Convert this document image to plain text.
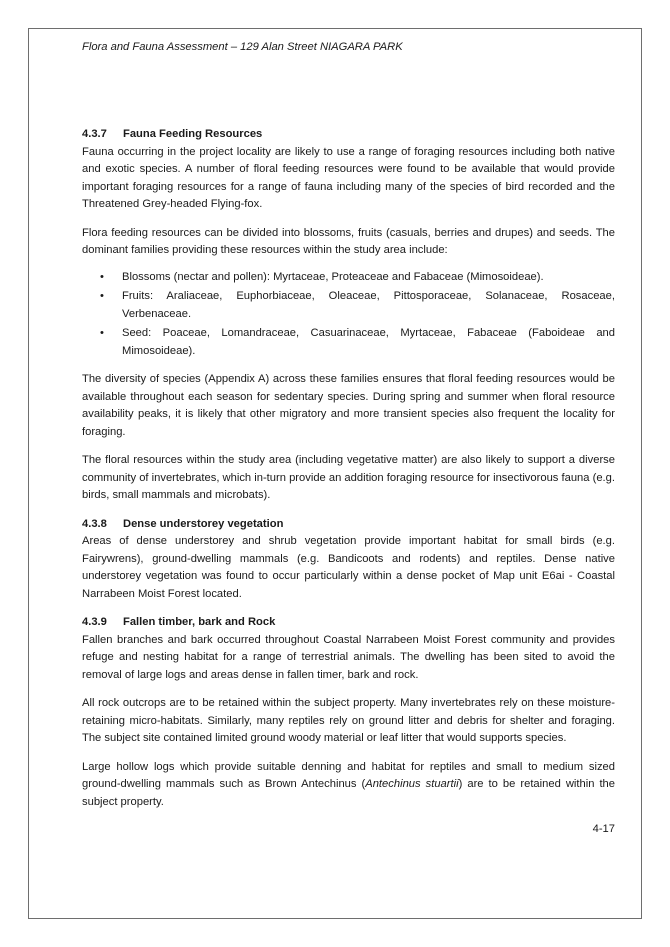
Flora and Fauna Assessment – 129 Alan Street NIAGARA PARK

4.3.7 Fauna Feeding Resources

Fauna occurring in the project locality are likely to use a range of foraging resources including both native and exotic species. A number of floral feeding resources were found to be available that would provide important foraging resources for a range of fauna including many of the species of bird recorded and the Threatened Grey-headed Flying-fox.

Flora feeding resources can be divided into blossoms, fruits (casuals, berries and drupes) and seeds. The dominant families providing these resources within the study area include:

• Blossoms (nectar and pollen): Myrtaceae, Proteaceae and Fabaceae (Mimosoideae).
• Fruits: Araliaceae, Euphorbiaceae, Oleaceae, Pittosporaceae, Solanaceae, Rosaceae, Verbenaceae.
• Seed: Poaceae, Lomandraceae, Casuarinaceae, Myrtaceae, Fabaceae (Faboideae and Mimosoideae).

The diversity of species (Appendix A) across these families ensures that floral feeding resources would be available throughout each season for sedentary species. During spring and summer when floral resource availability peaks, it is likely that other migratory and more transient species also frequent the locality for foraging.

The floral resources within the study area (including vegetative matter) are also likely to support a diverse community of invertebrates, which in-turn provide an addition foraging resource for insectivorous fauna (e.g. birds, small mammals and microbats).

4.3.8 Dense understorey vegetation

Areas of dense understorey and shrub vegetation provide important habitat for small birds (e.g. Fairywrens), ground-dwelling mammals (e.g. Bandicoots and rodents) and reptiles. Dense native understorey vegetation was found to occur particularly within a dense pocket of Map unit E6ai - Coastal Narrabeen Moist Forest located.

4.3.9 Fallen timber, bark and Rock

Fallen branches and bark occurred throughout Coastal Narrabeen Moist Forest community and provides refuge and nesting habitat for a range of terrestrial animals. The dwelling has been sited to avoid the removal of large logs and areas dense in fallen timer, bark and rock.

All rock outcrops are to be retained within the subject property. Many invertebrates rely on these moisture-retaining micro-habitats. Similarly, many reptiles rely on ground litter and debris for shelter and foraging. The subject site contained limited ground woody material or leaf litter that would supports species.

Large hollow logs which provide suitable denning and habitat for reptiles and small to medium sized ground-dwelling mammals such as Brown Antechinus (Antechinus stuartii) are to be retained within the subject property.

4-17
